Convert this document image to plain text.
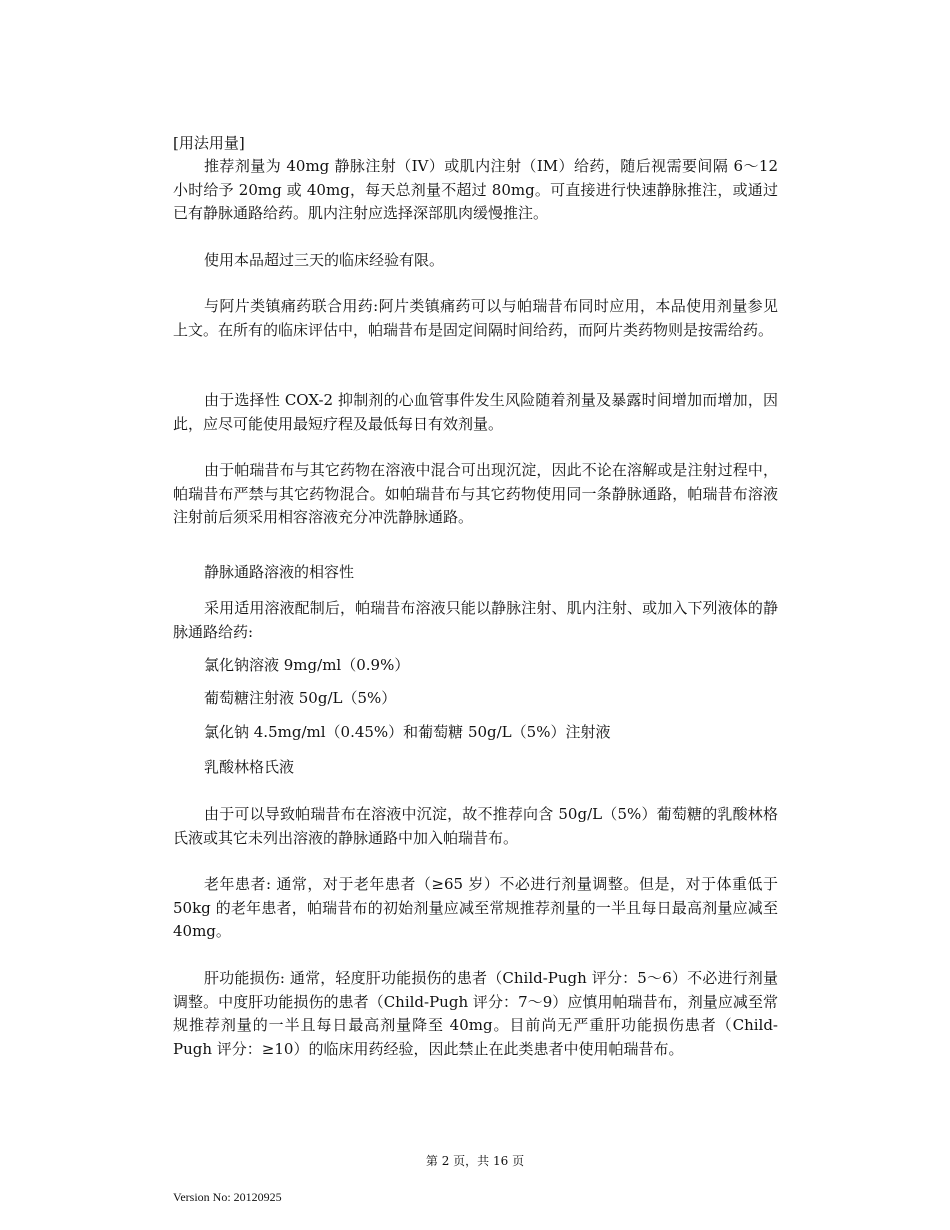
[用法用量]

推荐剂量为 40mg 静脉注射（IV）或肌内注射（IM）给药，随后视需要间隔 6～12 小时给予 20mg 或 40mg，每天总剂量不超过 80mg。可直接进行快速静脉推注，或通过已有静脉通路给药。肌内注射应选择深部肌肉缓慢推注。

使用本品超过三天的临床经验有限。

与阿片类镇痛药联合用药:阿片类镇痛药可以与帕瑞昔布同时应用，本品使用剂量参见上文。在所有的临床评估中，帕瑞昔布是固定间隔时间给药，而阿片类药物则是按需给药。

由于选择性 COX-2 抑制剂的心血管事件发生风险随着剂量及暴露时间增加而增加，因此，应尽可能使用最短疗程及最低每日有效剂量。

由于帕瑞昔布与其它药物在溶液中混合可出现沉淀，因此不论在溶解或是注射过程中，帕瑞昔布严禁与其它药物混合。如帕瑞昔布与其它药物使用同一条静脉通路，帕瑞昔布溶液注射前后须采用相容溶液充分冲洗静脉通路。

静脉通路溶液的相容性

采用适用溶液配制后，帕瑞昔布溶液只能以静脉注射、肌内注射、或加入下列液体的静脉通路给药:

氯化钠溶液 9mg/ml（0.9%）
葡萄糖注射液 50g/L（5%）
氯化钠 4.5mg/ml（0.45%）和葡萄糖 50g/L（5%）注射液
乳酸林格氏液

由于可以导致帕瑞昔布在溶液中沉淀，故不推荐向含 50g/L（5%）葡萄糖的乳酸林格氏液或其它未列出溶液的静脉通路中加入帕瑞昔布。

老年患者: 通常，对于老年患者（≥65 岁）不必进行剂量调整。但是，对于体重低于 50kg 的老年患者，帕瑞昔布的初始剂量应减至常规推荐剂量的一半且每日最高剂量应减至 40mg。

肝功能损伤: 通常，轻度肝功能损伤的患者（Child-Pugh 评分：5～6）不必进行剂量调整。中度肝功能损伤的患者（Child-Pugh 评分：7～9）应慎用帕瑞昔布，剂量应减至常规推荐剂量的一半且每日最高剂量降至 40mg。目前尚无严重肝功能损伤患者（Child-Pugh 评分：≥10）的临床用药经验，因此禁止在此类患者中使用帕瑞昔布。

第 2 页，共 16 页
Version No: 20120925
